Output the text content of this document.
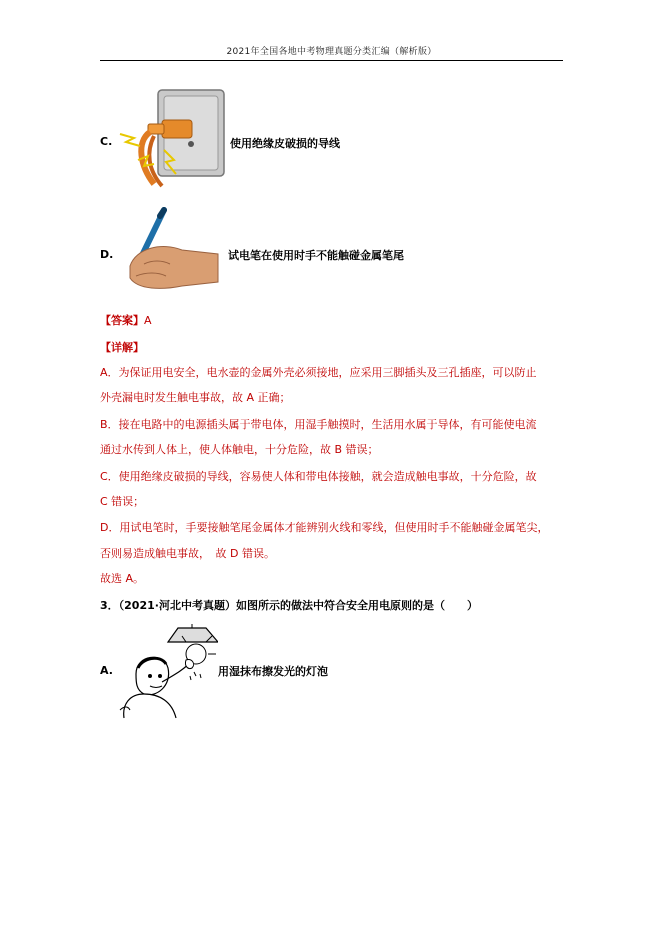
2021年全国各地中考物理真题分类汇编（解析版）
C.	使用绝缘皮破损的导线
D.	试电笔在使用时手不能触碰金属笔尾
【答案】A
【详解】
A．为保证用电安全，电水壶的金属外壳必须接地，应采用三脚插头及三孔插座，可以防止
外壳漏电时发生触电事故，故 A 正确；
B．接在电路中的电源插头属于带电体，用湿手触摸时，生活用水属于导体，有可能使电流
通过水传到人体上，使人体触电，十分危险，故 B 错误；
C．使用绝缘皮破损的导线，容易使人体和带电体接触，就会造成触电事故，十分危险，故
C 错误；
D．用试电笔时，手要接触笔尾金属体才能辨别火线和零线，但使用时手不能触碰金属笔尖，
否则易造成触电事故，　故 D 错误。
故选 A。
3．（2021·河北中考真题）如图所示的做法中符合安全用电原则的是（　　）
A.	用湿抹布擦发光的灯泡
